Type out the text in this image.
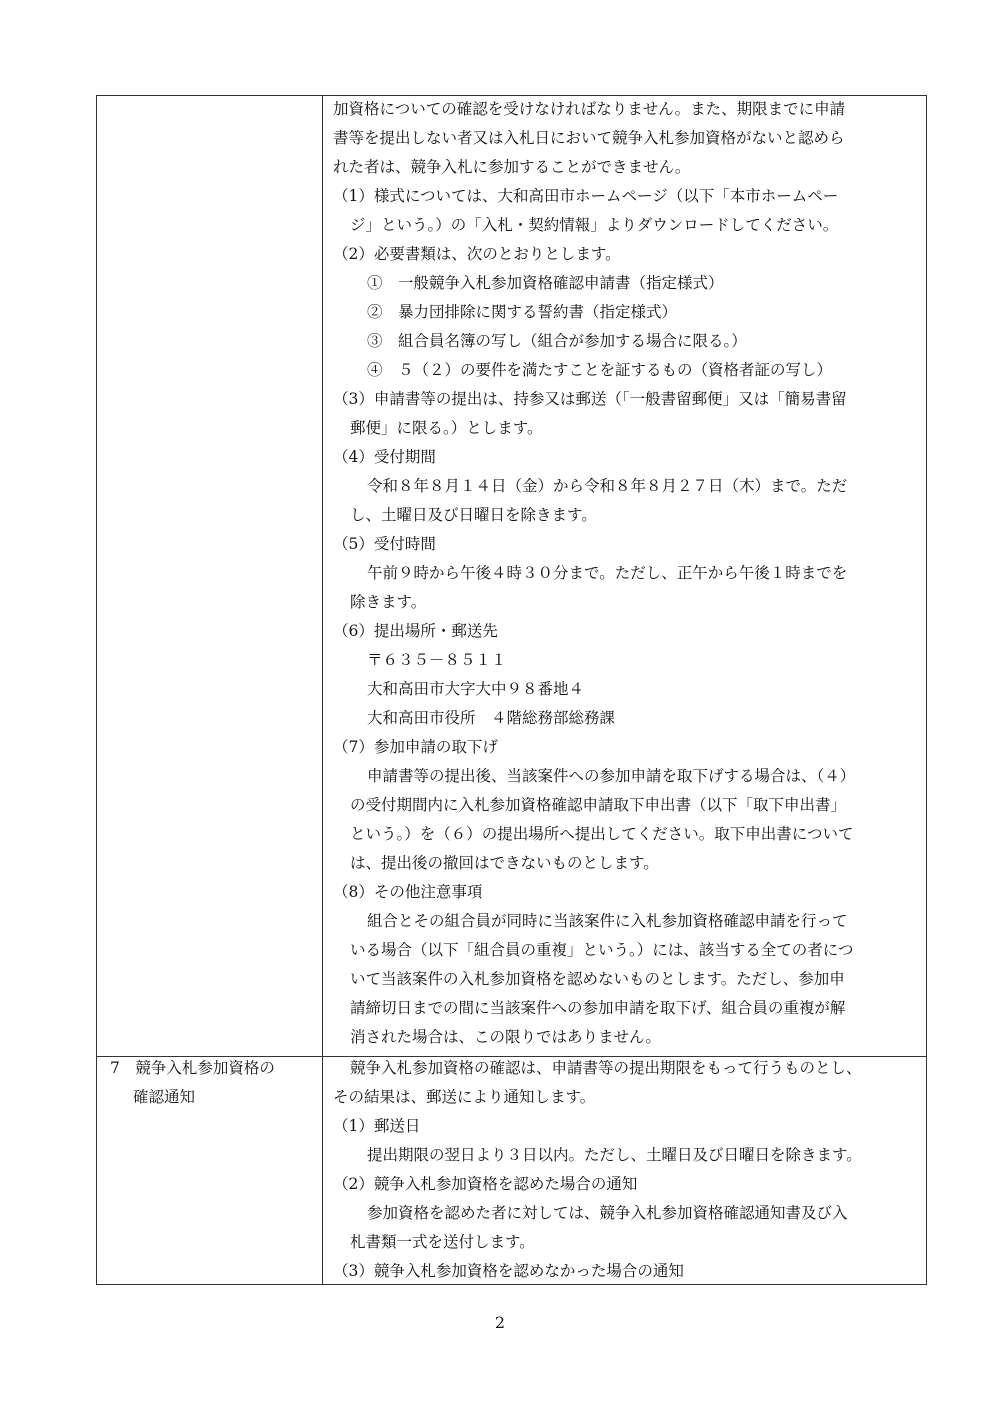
加資格についての確認を受けなければなりません。また、期限までに申請
書等を提出しない者又は入札日において競争入札参加資格がないと認めら
れた者は、競争入札に参加することができません。
（1）様式については、大和高田市ホームページ（以下「本市ホームペー
ジ」という。）の「入札・契約情報」よりダウンロードしてください。
（2）必要書類は、次のとおりとします。
①　一般競争入札参加資格確認申請書（指定様式）
②　暴力団排除に関する誓約書（指定様式）
③　組合員名簿の写し（組合が参加する場合に限る。）
④　５（２）の要件を満たすことを証するもの（資格者証の写し）
（3）申請書等の提出は、持参又は郵送（「一般書留郵便」又は「簡易書留
郵便」に限る。）とします。
（4）受付期間
令和８年８月１４日（金）から令和８年８月２７日（木）まで。ただ
し、土曜日及び日曜日を除きます。
（5）受付時間
午前９時から午後４時３０分まで。ただし、正午から午後１時までを
除きます。
（6）提出場所・郵送先
〒６３５－８５１１
大和高田市大字大中９８番地４
大和高田市役所　４階総務部総務課
（7）参加申請の取下げ
申請書等の提出後、当該案件への参加申請を取下げする場合は、（４）
の受付期間内に入札参加資格確認申請取下申出書（以下「取下申出書」
という。）を（６）の提出場所へ提出してください。取下申出書について
は、提出後の撤回はできないものとします。
（8）その他注意事項
組合とその組合員が同時に当該案件に入札参加資格確認申請を行って
いる場合（以下「組合員の重複」という。）には、該当する全ての者につ
いて当該案件の入札参加資格を認めないものとします。ただし、参加申
請締切日までの間に当該案件への参加申請を取下げ、組合員の重複が解
消された場合は、この限りではありません。
7　競争入札参加資格の
確認通知
競争入札参加資格の確認は、申請書等の提出期限をもって行うものとし、
その結果は、郵送により通知します。
（1）郵送日
提出期限の翌日より３日以内。ただし、土曜日及び日曜日を除きます。
（2）競争入札参加資格を認めた場合の通知
参加資格を認めた者に対しては、競争入札参加資格確認通知書及び入
札書類一式を送付します。
（3）競争入札参加資格を認めなかった場合の通知
2
